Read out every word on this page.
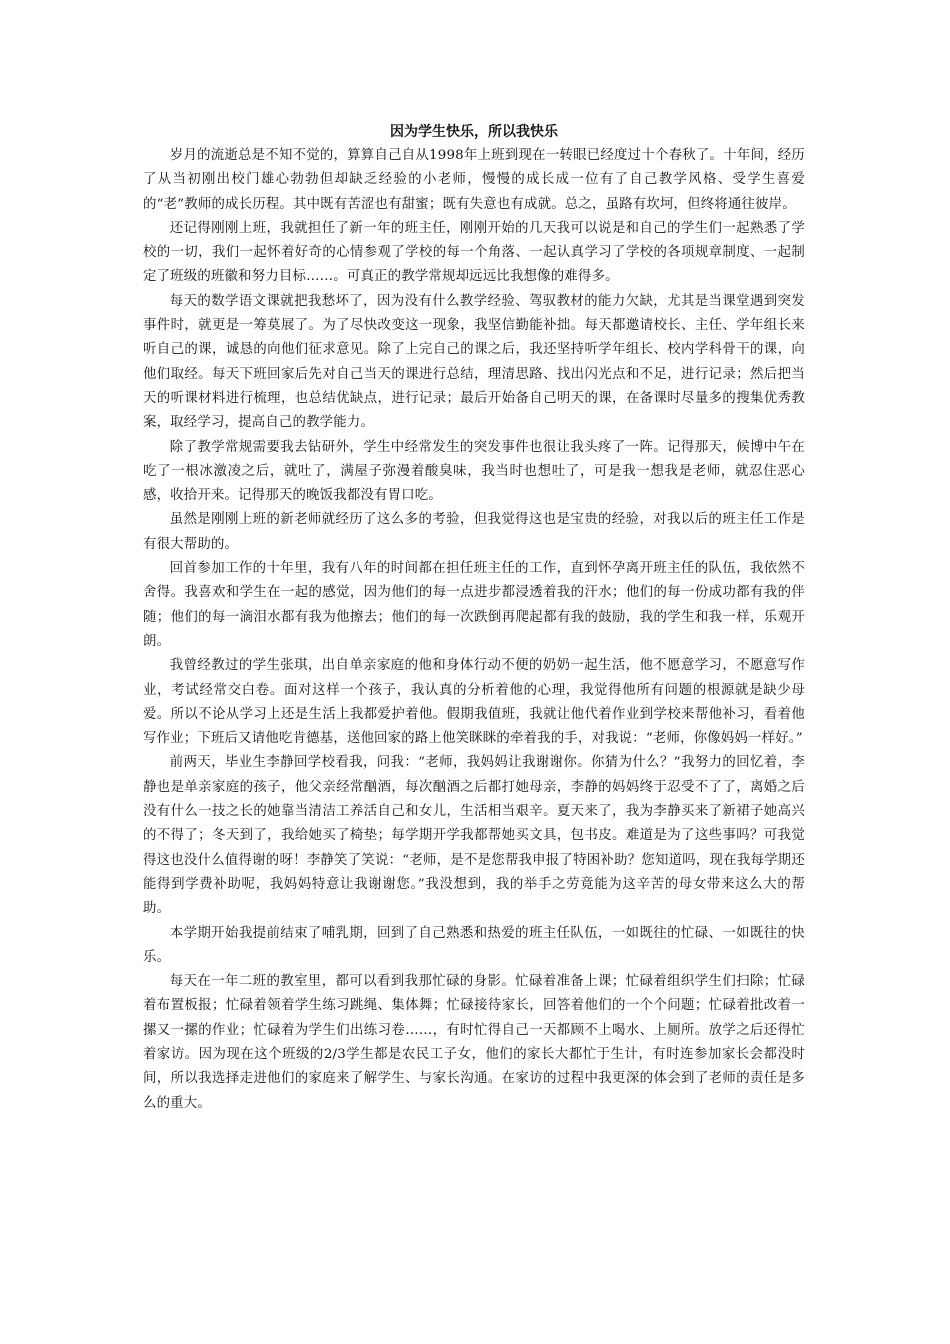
因为学生快乐，所以我快乐

岁月的流逝总是不知不觉的，算算自己自从1998年上班到现在一转眼已经度过十个春秋了。十年间，经历了从当初刚出校门雄心勃勃但却缺乏经验的小老师，慢慢的成长成一位有了自己教学风格、受学生喜爱的“老”教师的成长历程。其中既有苦涩也有甜蜜；既有失意也有成就。总之，虽路有坎坷，但终将通往彼岸。

还记得刚刚上班，我就担任了新一年的班主任，刚刚开始的几天我可以说是和自己的学生们一起熟悉了学校的一切，我们一起怀着好奇的心情参观了学校的每一个角落、一起认真学习了学校的各项规章制度、一起制定了班级的班徽和努力目标……。可真正的教学常规却远远比我想像的难得多。

每天的数学语文课就把我愁坏了，因为没有什么教学经验、驾驭教材的能力欠缺，尤其是当课堂遇到突发事件时，就更是一筹莫展了。为了尽快改变这一现象，我坚信勤能补拙。每天都邀请校长、主任、学年组长来听自己的课，诚恳的向他们征求意见。除了上完自己的课之后，我还坚持听学年组长、校内学科骨干的课，向他们取经。每天下班回家后先对自己当天的课进行总结，理清思路、找出闪光点和不足，进行记录；然后把当天的听课材料进行梳理，也总结优缺点，进行记录；最后开始备自己明天的课，在备课时尽量多的搜集优秀教案，取经学习，提高自己的教学能力。

除了教学常规需要我去钻研外，学生中经常发生的突发事件也很让我头疼了一阵。记得那天，候博中午在吃了一根冰激凌之后，就吐了，满屋子弥漫着酸臭味，我当时也想吐了，可是我一想我是老师，就忍住恶心感，收拾开来。记得那天的晚饭我都没有胃口吃。

虽然是刚刚上班的新老师就经历了这么多的考验，但我觉得这也是宝贵的经验，对我以后的班主任工作是有很大帮助的。

回首参加工作的十年里，我有八年的时间都在担任班主任的工作，直到怀孕离开班主任的队伍，我依然不舍得。我喜欢和学生在一起的感觉，因为他们的每一点进步都浸透着我的汗水；他们的每一份成功都有我的伴随；他们的每一滴泪水都有我为他擦去；他们的每一次跌倒再爬起都有我的鼓励，我的学生和我一样，乐观开朗。

我曾经教过的学生张琪，出自单亲家庭的他和身体行动不便的奶奶一起生活，他不愿意学习，不愿意写作业，考试经常交白卷。面对这样一个孩子，我认真的分析着他的心理，我觉得他所有问题的根源就是缺少母爱。所以不论从学习上还是生活上我都爱护着他。假期我值班，我就让他代着作业到学校来帮他补习，看着他写作业；下班后又请他吃肯德基，送他回家的路上他笑眯眯的牵着我的手，对我说：“老师，你像妈妈一样好。”

前两天，毕业生李静回学校看我，问我：“老师，我妈妈让我谢谢你。你猜为什么？”我努力的回忆着，李静也是单亲家庭的孩子，他父亲经常酗酒，每次酗酒之后都打她母亲，李静的妈妈终于忍受不了了，离婚之后没有什么一技之长的她靠当清洁工养活自己和女儿，生活相当艰辛。夏天来了，我为李静买来了新裙子她高兴的不得了；冬天到了，我给她买了椅垫；每学期开学我都帮她买文具，包书皮。难道是为了这些事吗？可我觉得这也没什么值得谢的呀！李静笑了笑说：“老师，是不是您帮我申报了特困补助？您知道吗，现在我每学期还能得到学费补助呢，我妈妈特意让我谢谢您。”我没想到，我的举手之劳竟能为这辛苦的母女带来这么大的帮助。

本学期开始我提前结束了哺乳期，回到了自己熟悉和热爱的班主任队伍，一如既往的忙碌、一如既往的快乐。

每天在一年二班的教室里，都可以看到我那忙碌的身影。忙碌着准备上课；忙碌着组织学生们扫除；忙碌着布置板报；忙碌着领着学生练习跳绳、集体舞；忙碌接待家长，回答着他们的一个个问题；忙碌着批改着一摞又一摞的作业；忙碌着为学生们出练习卷……，有时忙得自己一天都顾不上喝水、上厕所。放学之后还得忙着家访。因为现在这个班级的2/3学生都是农民工子女，他们的家长大都忙于生计，有时连参加家长会都没时间，所以我选择走进他们的家庭来了解学生、与家长沟通。在家访的过程中我更深的体会到了老师的责任是多么的重大。
